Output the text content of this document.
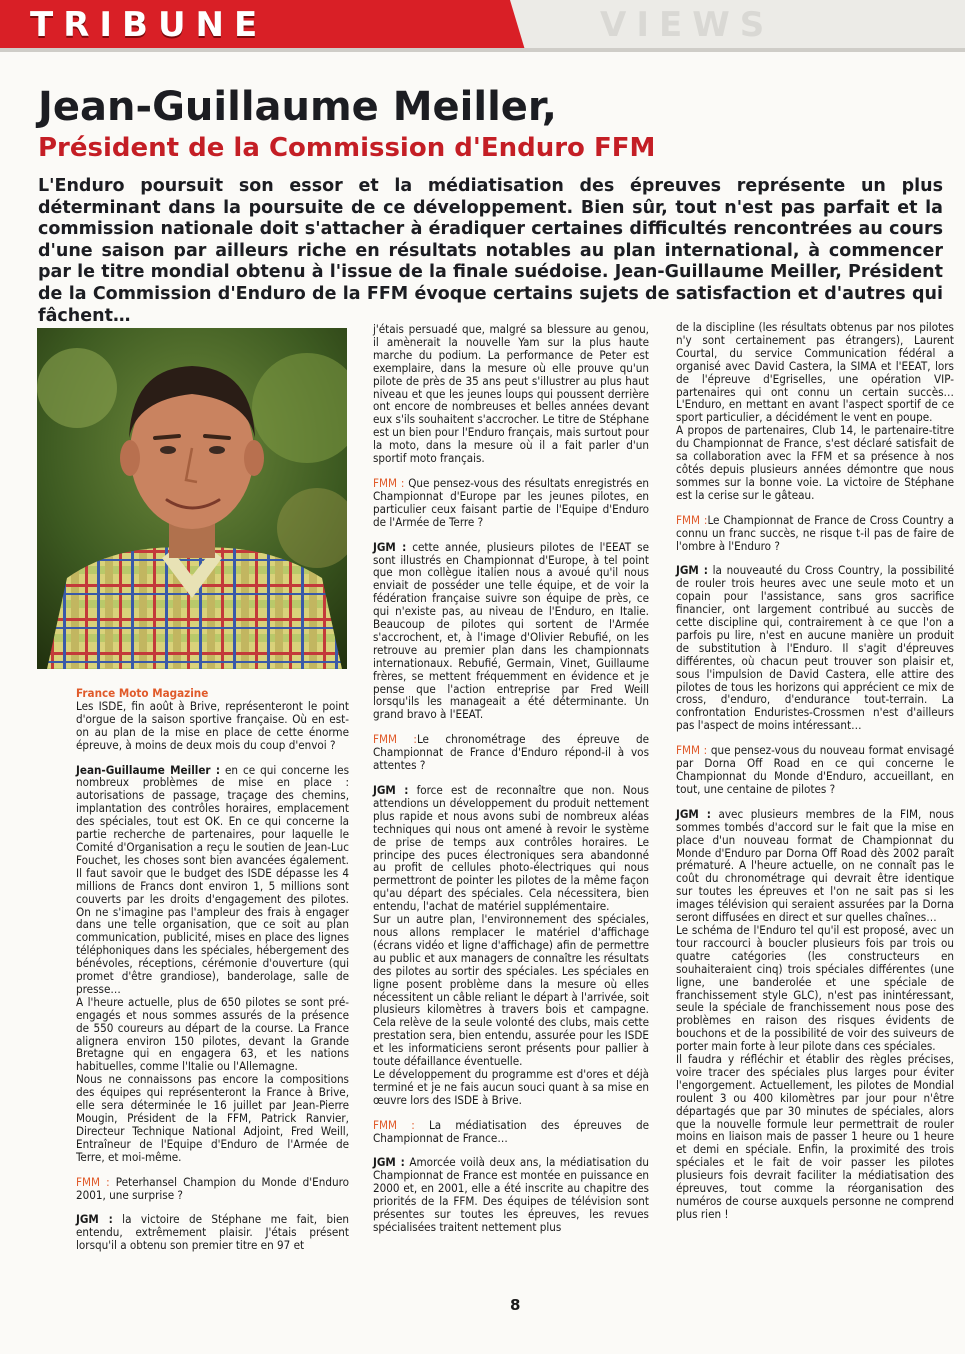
TRIBUNE	VIEWS
Jean-Guillaume Meiller,
Président de la Commission d'Enduro FFM

L'Enduro poursuit son essor et la médiatisation des épreuves représente un plus déterminant dans la poursuite de ce développement. Bien sûr, tout n'est pas parfait et la commission nationale doit s'attacher à éradiquer certaines difficultés rencontrées au cours d'une saison par ailleurs riche en résultats notables au plan international, à commencer par le titre mondial obtenu à l'issue de la finale suédoise. Jean-Guillaume Meiller, Président de la Commission d'Enduro de la FFM évoque certains sujets de satisfaction et d'autres qui fâchent…

France Moto Magazine
Les ISDE, fin août à Brive, représenteront le point d'orgue de la saison sportive française. Où en est-on au plan de la mise en place de cette énorme épreuve, à moins de deux mois du coup d'envoi ?

Jean-Guillaume Meiller : en ce qui concerne les nombreux problèmes de mise en place : autorisations de passage, traçage des chemins, implantation des contrôles horaires, emplacement des spéciales, tout est OK. En ce qui concerne la partie recherche de partenaires, pour laquelle le Comité d'Organisation a reçu le soutien de Jean-Luc Fouchet, les choses sont bien avancées également. Il faut savoir que le budget des ISDE dépasse les 4 millions de Francs dont environ 1, 5 millions sont couverts par les droits d'engagement des pilotes. On ne s'imagine pas l'ampleur des frais à engager dans une telle organisation, que ce soit au plan communication, publicité, mises en place des lignes téléphoniques dans les spéciales, hébergement des bénévoles, réceptions, cérémonie d'ouverture (qui promet d'être grandiose), banderolage, salle de presse…

A l'heure actuelle, plus de 650 pilotes se sont pré-engagés et nous sommes assurés de la présence de 550 coureurs au départ de la course. La France alignera environ 150 pilotes, devant la Grande Bretagne qui en engagera 63, et les nations habituelles, comme l'Italie ou l'Allemagne.

Nous ne connaissons pas encore la compositions des équipes qui représenteront la France à Brive, elle sera déterminée le 16 juillet par Jean-Pierre Mougin, Président de la FFM, Patrick Ranvier, Directeur Technique National Adjoint, Fred Weill, Entraîneur de l'Equipe d'Enduro de l'Armée de Terre, et moi-même.

FMM : Peterhansel Champion du Monde d'Enduro 2001, une surprise ?

JGM : la victoire de Stéphane me fait, bien entendu, extrêmement plaisir. J'étais présent lorsqu'il a obtenu son premier titre en 97 et

j'étais persuadé que, malgré sa blessure au genou, il amènerait la nouvelle Yam sur la plus haute marche du podium. La performance de Peter est exemplaire, dans la mesure où elle prouve qu'un pilote de près de 35 ans peut s'illustrer au plus haut niveau et que les jeunes loups qui poussent derrière ont encore de nombreuses et belles années devant eux s'ils souhaitent s'accrocher. Le titre de Stéphane est un bien pour l'Enduro français, mais surtout pour la moto, dans la mesure où il a fait parler d'un sportif moto français.

FMM : Que pensez-vous des résultats enregistrés en Championnat d'Europe par les jeunes pilotes, en particulier ceux faisant partie de l'Equipe d'Enduro de l'Armée de Terre ?

JGM : cette année, plusieurs pilotes de l'EEAT se sont illustrés en Championnat d'Europe, à tel point que mon collègue italien nous a avoué qu'il nous enviait de posséder une telle équipe, et de voir la fédération française suivre son équipe de près, ce qui n'existe pas, au niveau de l'Enduro, en Italie. Beaucoup de pilotes qui sortent de l'Armée s'accrochent, et, à l'image d'Olivier Rebufié, on les retrouve au premier plan dans les championnats internationaux. Rebufié, Germain, Vinet, Guillaume frères, se mettent fréquemment en évidence et je pense que l'action entreprise par Fred Weill lorsqu'ils les manageait a été déterminante. Un grand bravo à l'EEAT.

FMM :Le chronométrage des épreuve de Championnat de France d'Enduro répond-il à vos attentes ?

JGM : force est de reconnaître que non. Nous attendions un développement du produit nettement plus rapide et nous avons subi de nombreux aléas techniques qui nous ont amené à revoir le système de prise de temps aux contrôles horaires. Le principe des puces électroniques sera abandonné au profit de cellules photo-électriques qui nous permettront de pointer les pilotes de la même façon qu'au départ des spéciales. Cela nécessitera, bien entendu, l'achat de matériel supplémentaire.

Sur un autre plan, l'environnement des spéciales, nous allons remplacer le matériel d'affichage (écrans vidéo et ligne d'affichage) afin de permettre au public et aux managers de connaître les résultats des pilotes au sortir des spéciales. Les spéciales en ligne posent problème dans la mesure où elles nécessitent un câble reliant le départ à l'arrivée, soit plusieurs kilomètres à travers bois et campagne. Cela relève de la seule volonté des clubs, mais cette prestation sera, bien entendu, assurée pour les ISDE et les informaticiens seront présents pour pallier à toute défaillance éventuelle.

Le développement du programme est d'ores et déjà terminé et je ne fais aucun souci quant à sa mise en œuvre lors des ISDE à Brive.

FMM : La médiatisation des épreuves de Championnat de France…

JGM : Amorcée voilà deux ans, la médiatisation du Championnat de France est montée en puissance en 2000 et, en 2001, elle a été inscrite au chapitre des priorités de la FFM. Des équipes de télévision sont présentes sur toutes les épreuves, les revues spécialisées traitent nettement plus

de la discipline (les résultats obtenus par nos pilotes n'y sont certainement pas étrangers), Laurent Courtal, du service Communication fédéral a organisé avec David Castera, la SIMA et l'EEAT, lors de l'épreuve d'Egriselles, une opération VIP-partenaires qui ont connu un certain succès… L'Enduro, en mettant en avant l'aspect sportif de ce sport particulier, a décidément le vent en poupe.

A propos de partenaires, Club 14, le partenaire-titre du Championnat de France, s'est déclaré satisfait de sa collaboration avec la FFM et sa présence à nos côtés depuis plusieurs années démontre que nous sommes sur la bonne voie. La victoire de Stéphane est la cerise sur le gâteau.

FMM :Le Championnat de France de Cross Country a connu un franc succès, ne risque t-il pas de faire de l'ombre à l'Enduro ?

JGM : la nouveauté du Cross Country, la possibilité de rouler trois heures avec une seule moto et un copain pour l'assistance, sans gros sacrifice financier, ont largement contribué au succès de cette discipline qui, contrairement à ce que l'on a parfois pu lire, n'est en aucune manière un produit de substitution à l'Enduro. Il s'agit d'épreuves différentes, où chacun peut trouver son plaisir et, sous l'impulsion de David Castera, elle attire des pilotes de tous les horizons qui apprécient ce mix de cross, d'enduro, d'endurance tout-terrain. La confrontation Enduristes-Crossmen n'est d'ailleurs pas l'aspect de moins intéressant…

FMM : que pensez-vous du nouveau format envisagé par Dorna Off Road en ce qui concerne le Championnat du Monde d'Enduro, accueillant, en tout, une centaine de pilotes ?

JGM : avec plusieurs membres de la FIM, nous sommes tombés d'accord sur le fait que la mise en place d'un nouveau format de Championnat du Monde d'Enduro par Dorna Off Road dès 2002 paraît prématuré. A l'heure actuelle, on ne connaît pas le coût du chronométrage qui devrait être identique sur toutes les épreuves et l'on ne sait pas si les images télévision qui seraient assurées par la Dorna seront diffusées en direct et sur quelles chaînes…

Le schéma de l'Enduro tel qu'il est proposé, avec un tour raccourci à boucler plusieurs fois par trois ou quatre catégories (les constructeurs en souhaiteraient cinq) trois spéciales différentes (une ligne, une banderolée et une spéciale de franchissement style GLC), n'est pas inintéressant, seule la spéciale de franchissement nous pose des problèmes en raison des risques évidents de bouchons et de la possibilité de voir des suiveurs de porter main forte à leur pilote dans ces spéciales.

Il faudra y réfléchir et établir des règles précises, voire tracer des spéciales plus larges pour éviter l'engorgement. Actuellement, les pilotes de Mondial roulent 3 ou 400 kilomètres par jour pour n'être départagés que par 30 minutes de spéciales, alors que la nouvelle formule leur permettrait de rouler moins en liaison mais de passer 1 heure ou 1 heure et demi en spéciale. Enfin, la proximité des trois spéciales et le fait de voir passer les pilotes plusieurs fois devrait faciliter la médiatisation des épreuves, tout comme la réorganisation des numéros de course auxquels personne ne comprend plus rien !

8
